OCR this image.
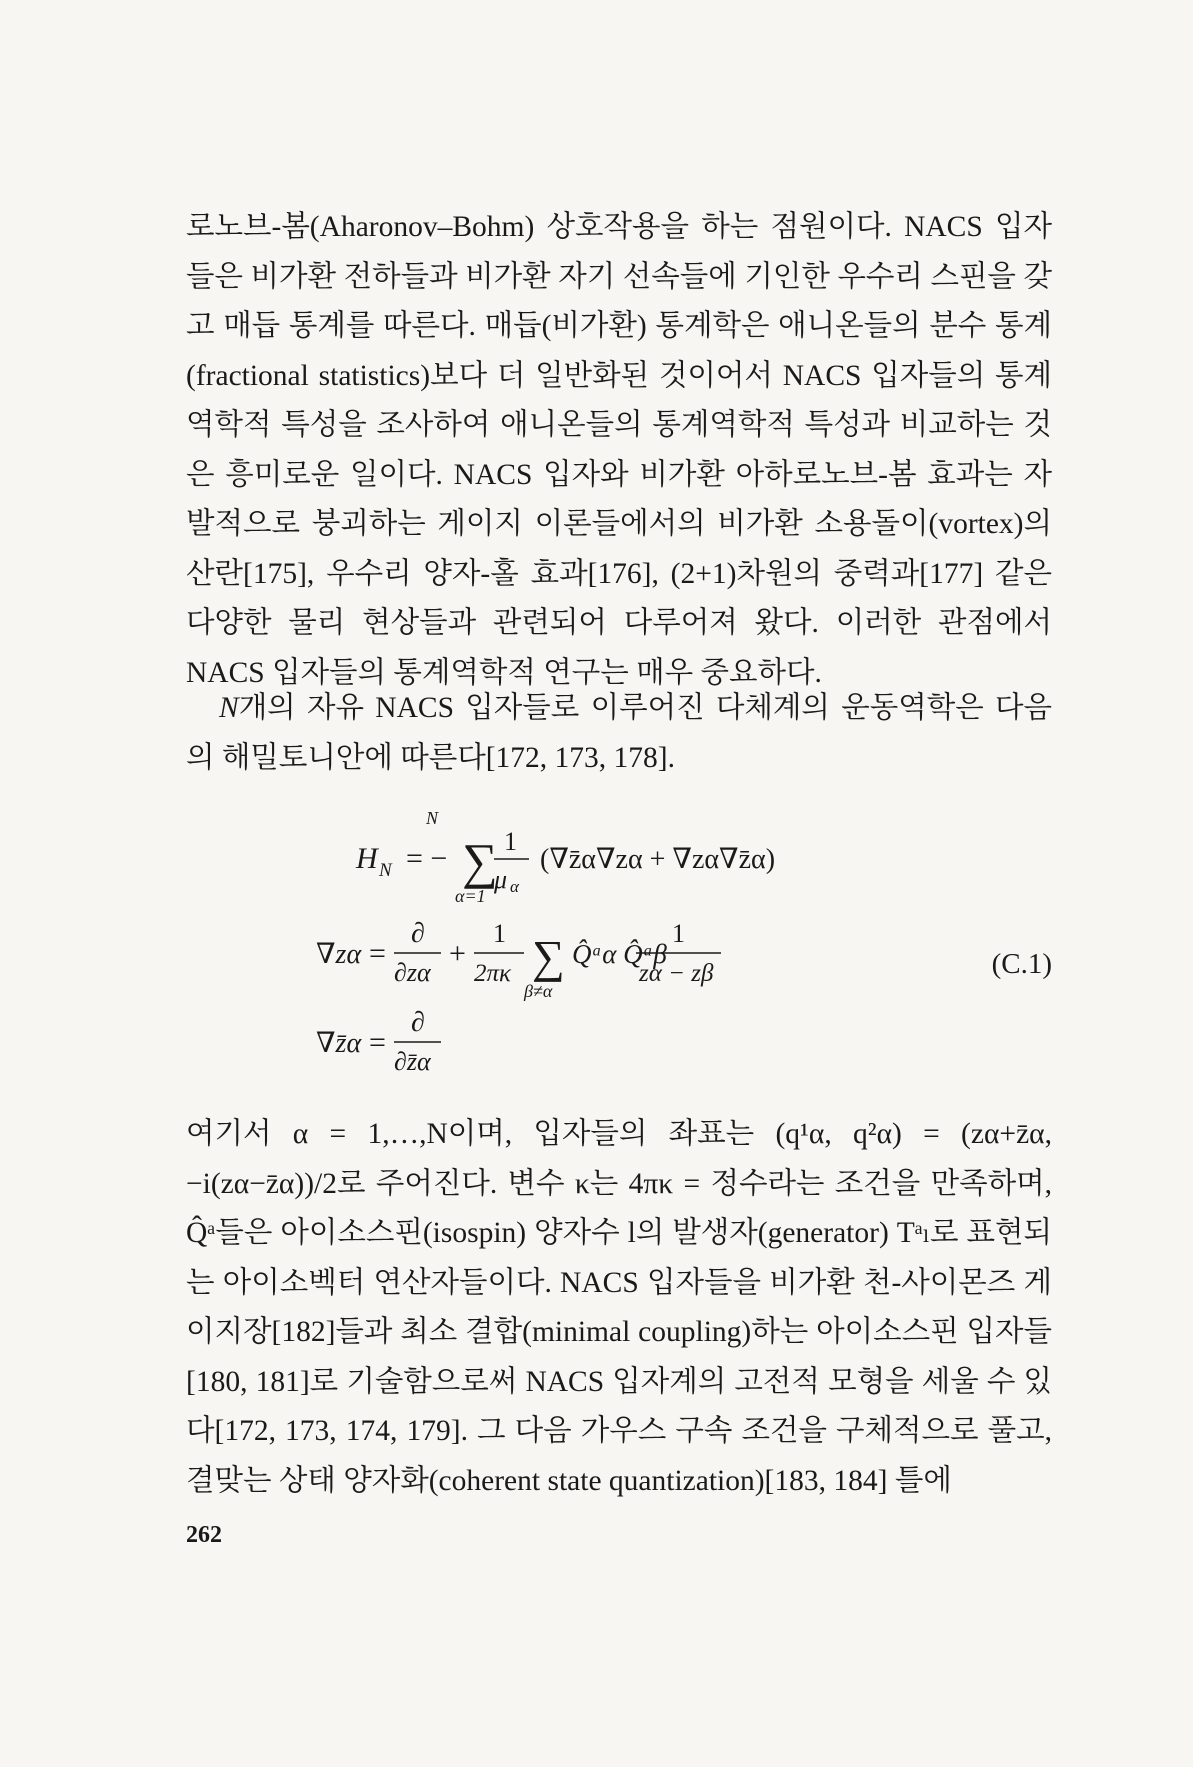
로노브-봄(Aharonov–Bohm) 상호작용을 하는 점원이다. NACS 입자들은 비가환 전하들과 비가환 자기 선속들에 기인한 우수리 스핀을 갖고 매듭 통계를 따른다. 매듭(비가환) 통계학은 애니온들의 분수 통계(fractional statistics)보다 더 일반화된 것이어서 NACS 입자들의 통계역학적 특성을 조사하여 애니온들의 통계역학적 특성과 비교하는 것은 흥미로운 일이다. NACS 입자와 비가환 아하로노브-봄 효과는 자발적으로 붕괴하는 게이지 이론들에서의 비가환 소용돌이(vortex)의 산란[175], 우수리 양자-홀 효과[176], (2+1)차원의 중력과[177] 같은 다양한 물리 현상들과 관련되어 다루어져 왔다. 이러한 관점에서 NACS 입자들의 통계역학적 연구는 매우 중요하다.

N개의 자유 NACS 입자들로 이루어진 다체계의 운동역학은 다음의 해밀토니안에 따른다[172, 173, 178].

H N = −
N
∑
α=1
1
μ α
(∇z̄α∇zα + ∇zα∇z̄α)
∇zα =
∂
∂zα
+
1
2πκ ∑
β≠α
Q̂ᵃα Q̂ᵃβ
1
zα − zβ
∇z̄α =
∂
∂z̄α
(C.1)

여기서 α = 1,…,N이며, 입자들의 좌표는 (q¹α, q²α) = (zα+z̄α, −i(zα−z̄α))/2로 주어진다. 변수 κ는 4πκ = 정수라는 조건을 만족하며, Q̂ᵃ들은 아이소스핀(isospin) 양자수 l의 발생자(generator) Tᵃₗ로 표현되는 아이소벡터 연산자들이다. NACS 입자들을 비가환 천-사이몬즈 게이지장[182]들과 최소 결합(minimal coupling)하는 아이소스핀 입자들[180, 181]로 기술함으로써 NACS 입자계의 고전적 모형을 세울 수 있다[172, 173, 174, 179]. 그 다음 가우스 구속 조건을 구체적으로 풀고, 결맞는 상태 양자화(coherent state quantization)[183, 184] 틀에

262
